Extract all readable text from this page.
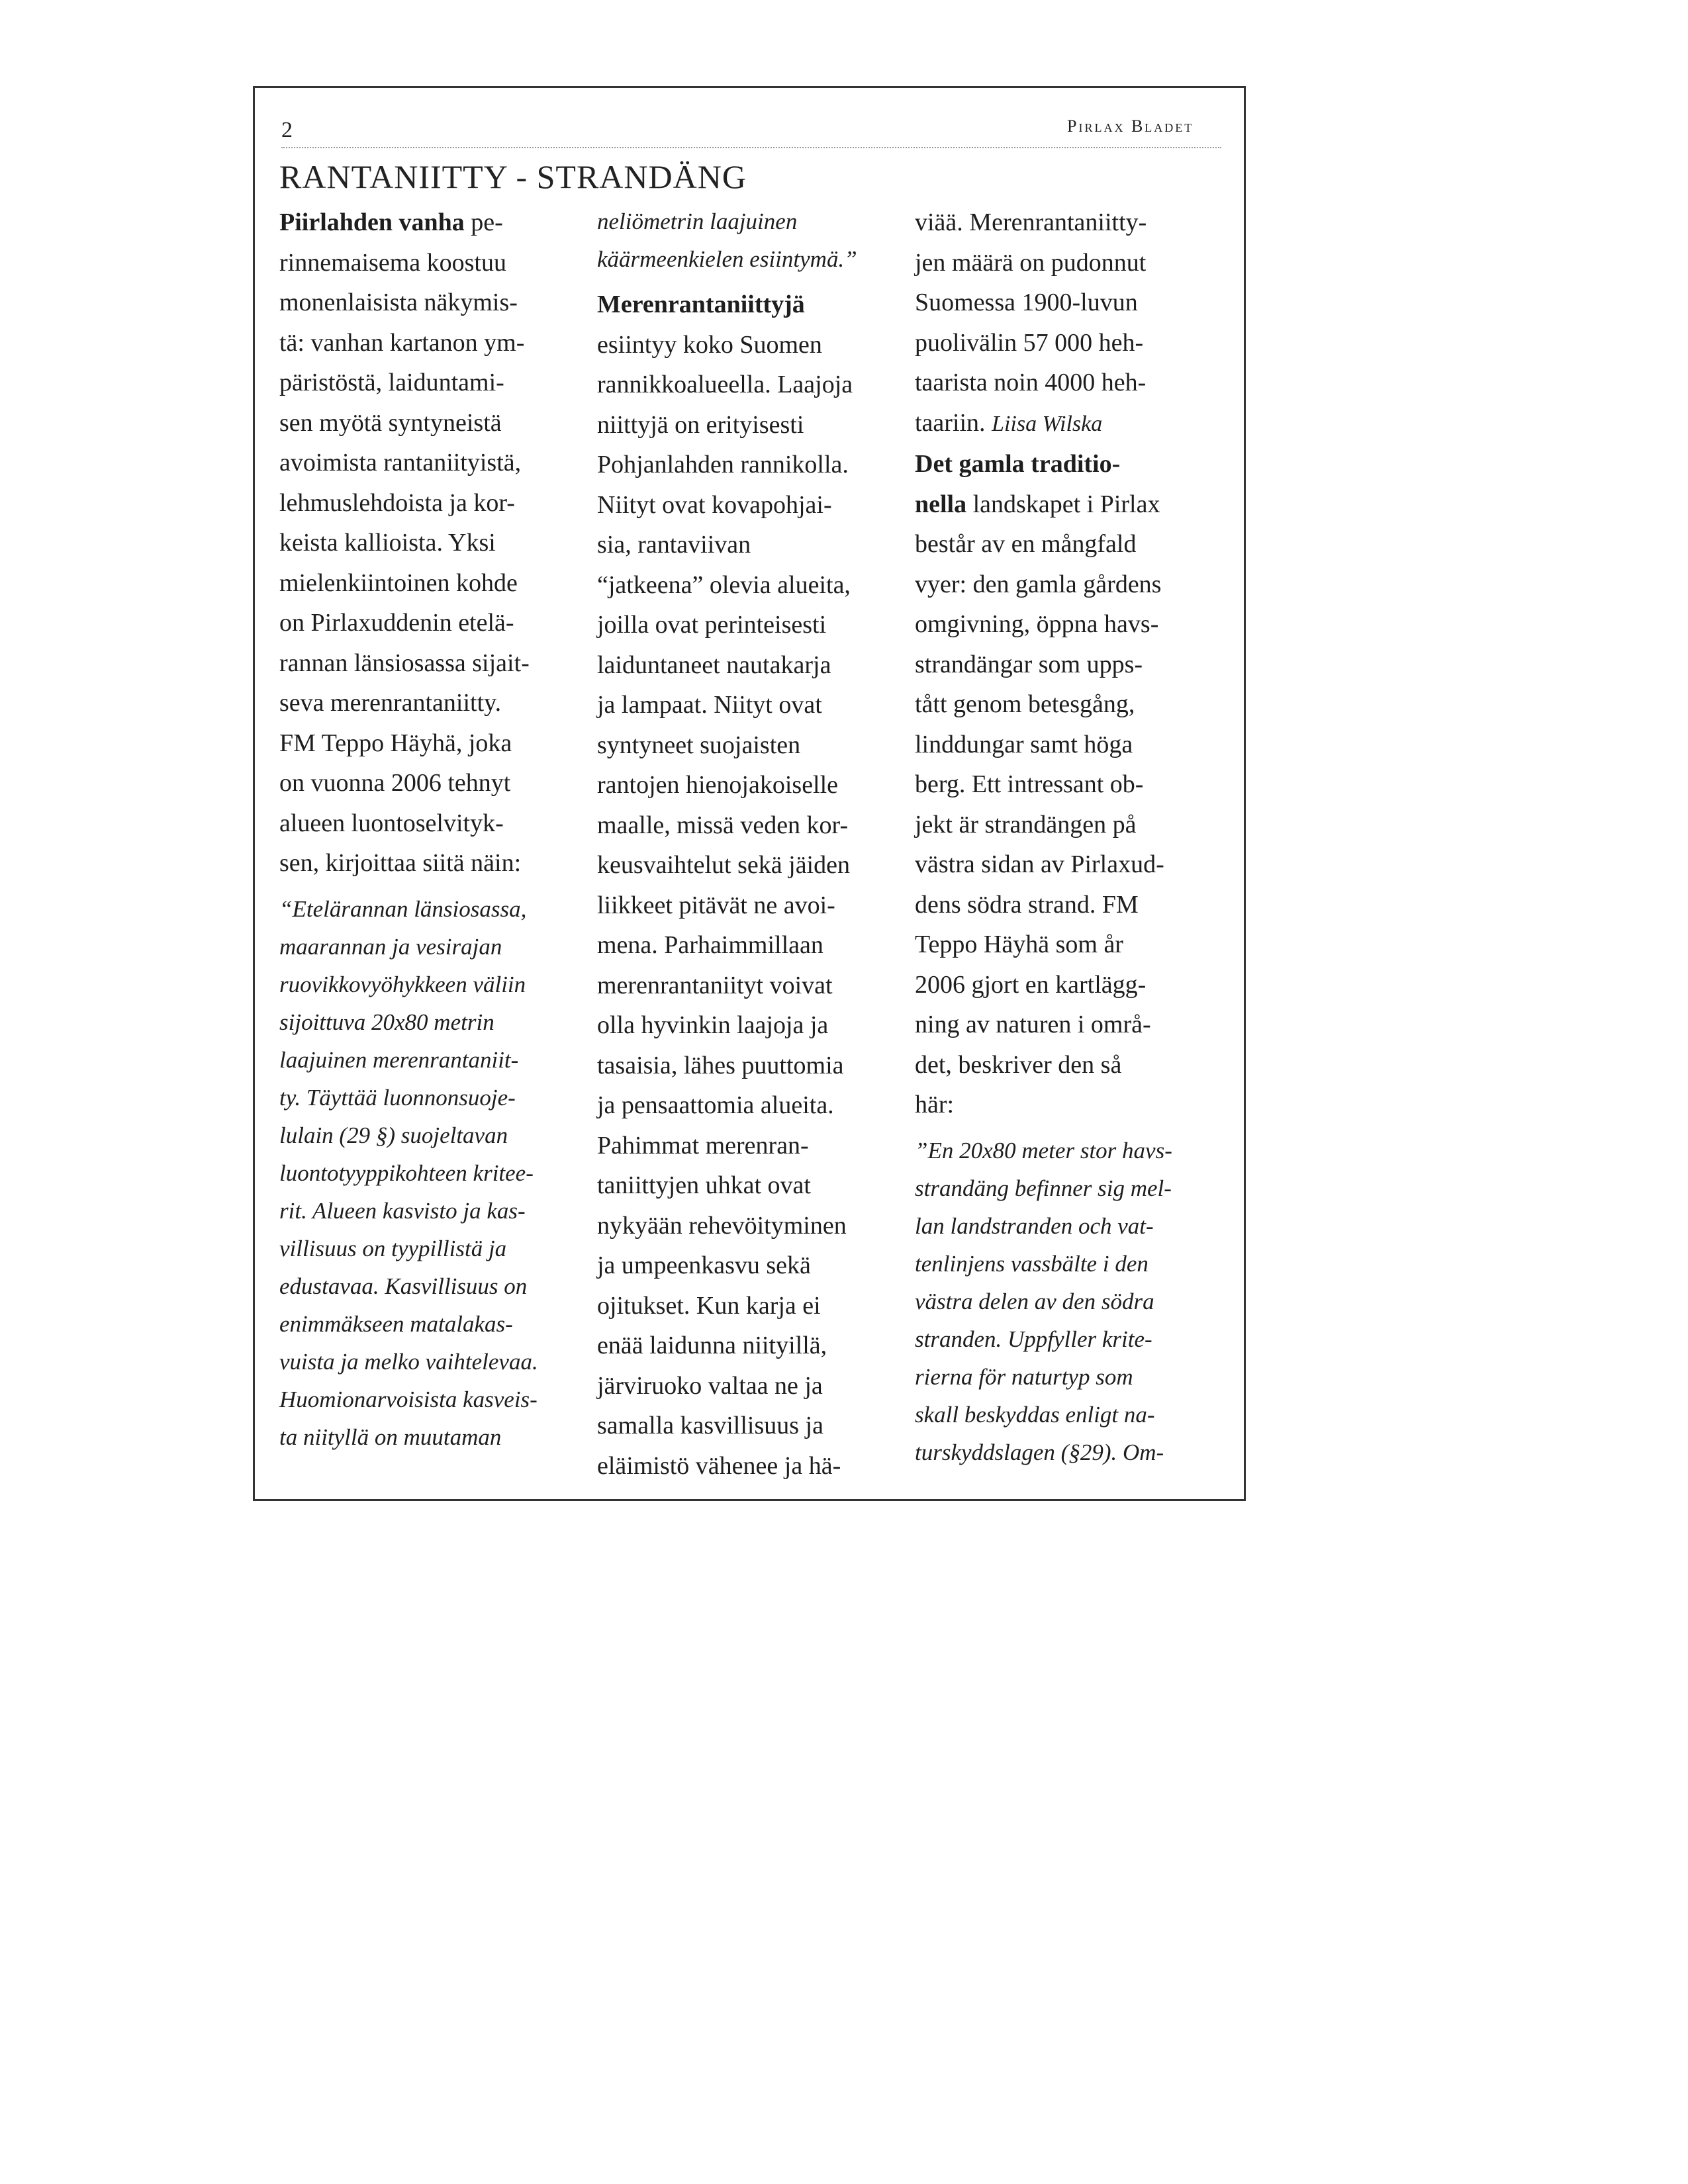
2	Pirlax Bladet
RANTANIITTY - STRANDÄNG
Piirlahden vanha pe-
rinnemaisema koostuu
monenlaisista näkymis-
tä: vanhan kartanon ym-
päristöstä, laiduntami-
sen myötä syntyneistä
avoimista rantaniityistä,
lehmuslehdoista ja kor-
keista kallioista. Yksi
mielenkiintoinen kohde
on Pirlaxuddenin etelä-
rannan länsiosassa sijait-
seva merenrantaniitty.
FM Teppo Häyhä, joka
on vuonna 2006 tehnyt
alueen luontoselvityk-
sen, kirjoittaa siitä näin:
“Etelärannan länsiosassa,
maarannan ja vesirajan
ruovikkovyöhykkeen väliin
sijoittuva 20x80 metrin
laajuinen merenrantaniit-
ty. Täyttää luonnonsuoje-
lulain (29 §) suojeltavan
luontotyyppikohteen kritee-
rit. Alueen kasvisto ja kas-
villisuus on tyypillistä ja
edustavaa. Kasvillisuus on
enimmäkseen matalakas-
vuista ja melko vaihtelevaa.
Huomionarvoisista kasveis-
ta niityllä on muutaman
neliömetrin laajuinen
käärmeenkielen esiintymä.”
Merenrantaniittyjä
esiintyy koko Suomen
rannikkoalueella. Laajoja
niittyjä on erityisesti
Pohjanlahden rannikolla.
Niityt ovat kovapohjai-
sia, rantaviivan
“jatkeena” olevia alueita,
joilla ovat perinteisesti
laiduntaneet nautakarja
ja lampaat. Niityt ovat
syntyneet suojaisten
rantojen hienojakoiselle
maalle, missä veden kor-
keusvaihtelut sekä jäiden
liikkeet pitävät ne avoi-
mena. Parhaimmillaan
merenrantaniityt voivat
olla hyvinkin laajoja ja
tasaisia, lähes puuttomia
ja pensaattomia alueita.
Pahimmat merenran-
taniittyjen uhkat ovat
nykyään rehevöityminen
ja umpeenkasvu sekä
ojitukset. Kun karja ei
enää laidunna niityillä,
järviruoko valtaa ne ja
samalla kasvillisuus ja
eläimistö vähenee ja hä-
viää. Merenrantaniitty-
jen määrä on pudonnut
Suomessa 1900-luvun
puolivälin 57 000 heh-
taarista noin 4000 heh-
taariin. Liisa Wilska
Det gamla traditio-
nella landskapet i Pirlax
består av en mångfald
vyer: den gamla gårdens
omgivning, öppna havs-
strandängar som upps-
tått genom betesgång,
linddungar samt höga
berg. Ett intressant ob-
jekt är strandängen på
västra sidan av Pirlaxud-
dens södra strand. FM
Teppo Häyhä som år
2006 gjort en kartlägg-
ning av naturen i områ-
det, beskriver den så
här:
”En 20x80 meter stor havs-
strandäng befinner sig mel-
lan landstranden och vat-
tenlinjens vassbälte i den
västra delen av den södra
stranden. Uppfyller krite-
rierna för naturtyp som
skall beskyddas enligt na-
turskyddslagen (§29). Om-
